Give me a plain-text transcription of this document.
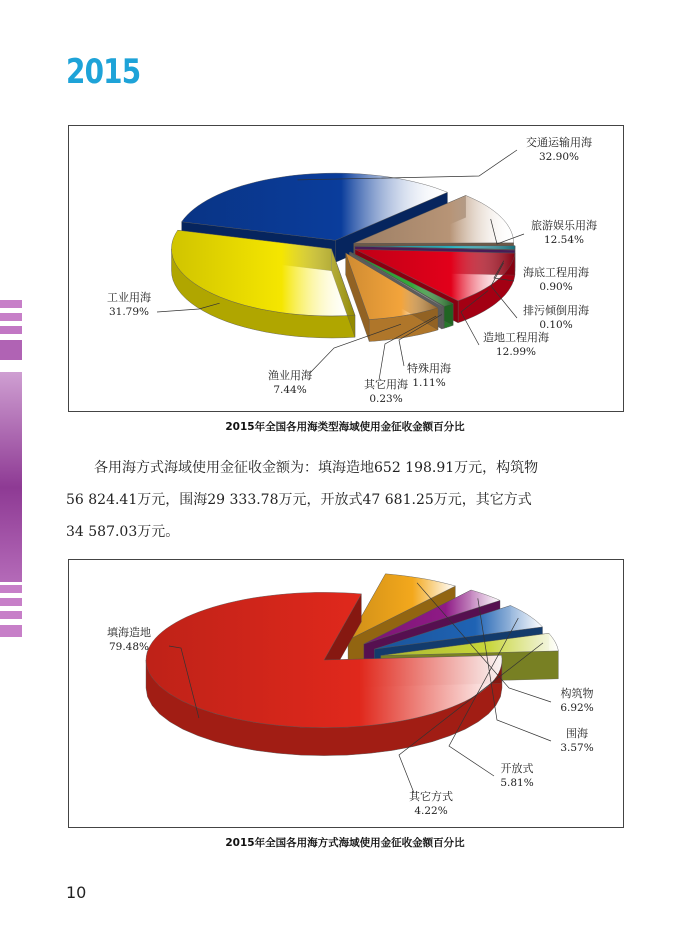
2015
交通运输用海
32.90%
旅游娱乐用海
12.54%
海底工程用海
0.90%
排污倾倒用海
0.10%
造地工程用海
12.99%
特殊用海
1.11%
其它用海
0.23%
渔业用海
7.44%
工业用海
31.79%
2015年全国各用海类型海域使用金征收金额百分比
　　各用海方式海域使用金征收金额为：填海造地652 198.91万元，构筑物
56 824.41万元，围海29 333.78万元，开放式47 681.25万元，其它方式
34 587.03万元。
填海造地
79.48%
构筑物
6.92%
围海
3.57%
开放式
5.81%
其它方式
4.22%
2015年全国各用海方式海域使用金征收金额百分比
10
